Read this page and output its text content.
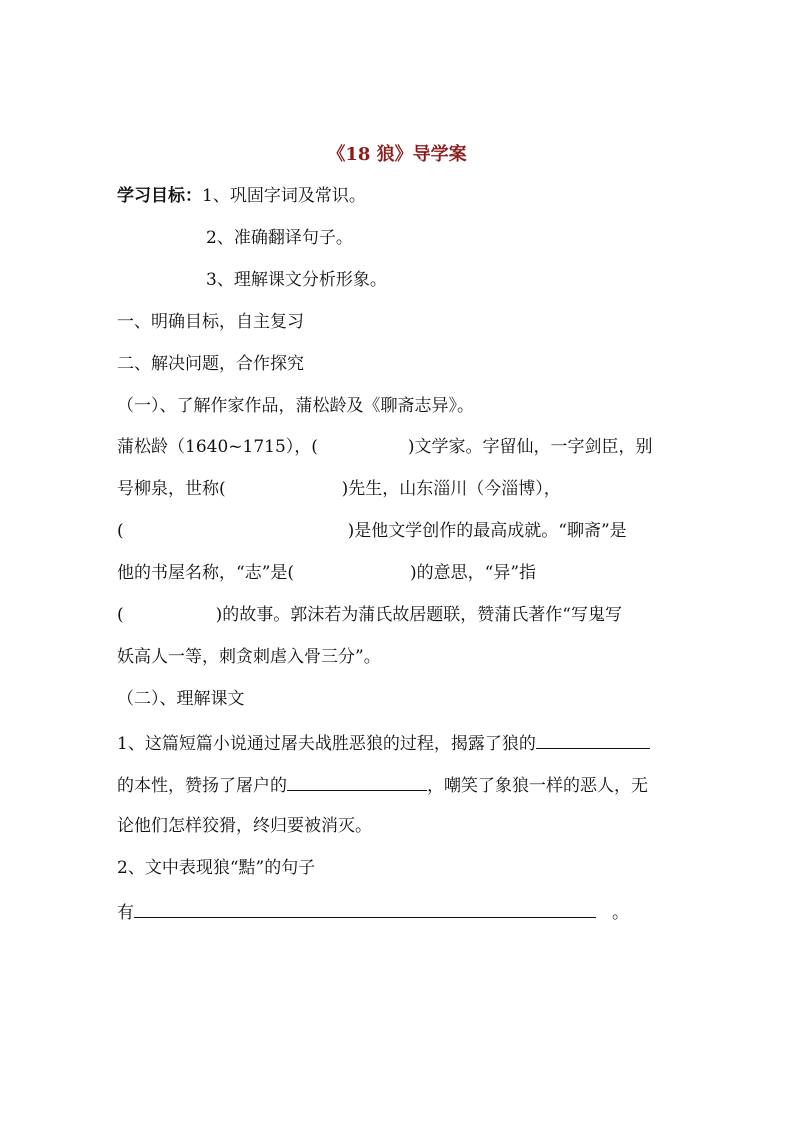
《18 狼》导学案
学习目标：1、巩固字词及常识。
2、准确翻译句子。
3、理解课文分析形象。
一、明确目标，自主复习
二、解决问题，合作探究
（一）、了解作家作品，蒲松龄及《聊斋志异》。
蒲松龄（1640~1715），(	)文学家。字留仙，一字剑臣，别
号柳泉，世称(	)先生，山东淄川（今淄博），
(	)是他文学创作的最高成就。“聊斋”是
他的书屋名称，“志”是(	)的意思，“异”指
(	)的故事。郭沫若为蒲氏故居题联，赞蒲氏著作“写鬼写
妖高人一等，刺贪刺虐入骨三分”。
（二）、理解课文
1、这篇短篇小说通过屠夫战胜恶狼的过程，揭露了狼的
的本性，赞扬了屠户的	，嘲笑了象狼一样的恶人，无
论他们怎样狡猾，终归要被消灭。
2、文中表现狼“黠”的句子
有	。
